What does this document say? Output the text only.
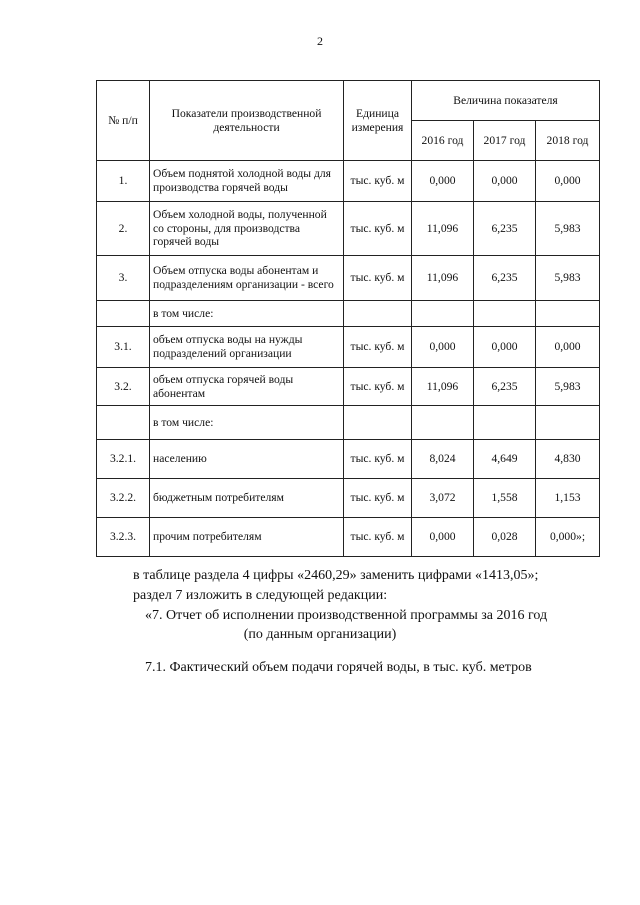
2
№ п/п	Показатели производственной деятельности	Единица измерения	Величина показателя		
			2016 год	2017 год	2018 год
1.	Объем поднятой холодной воды для производства горячей воды	тыс. куб. м	0,000	0,000	0,000
2.	Объем холодной воды, полученной со стороны, для производства горячей воды	тыс. куб. м	11,096	6,235	5,983
3.	Объем отпуска воды абонентам и подразделениям организации - всего	тыс. куб. м	11,096	6,235	5,983
	в том числе:				
3.1.	объем отпуска воды на нужды подразделений организации	тыс. куб. м	0,000	0,000	0,000
3.2.	объем отпуска горячей воды абонентам	тыс. куб. м	11,096	6,235	5,983
	в том числе:				
3.2.1.	населению	тыс. куб. м	8,024	4,649	4,830
3.2.2.	бюджетным потребителям	тыс. куб. м	3,072	1,558	1,153
3.2.3.	прочим потребителям	тыс. куб. м	0,000	0,028	0,000»;
в таблице раздела 4 цифры «2460,29» заменить цифрами «1413,05»;
раздел 7 изложить в следующей редакции:
«7. Отчет об исполнении производственной программы за 2016 год
(по данным организации)
7.1. Фактический объем подачи горячей воды, в тыс. куб. метров
